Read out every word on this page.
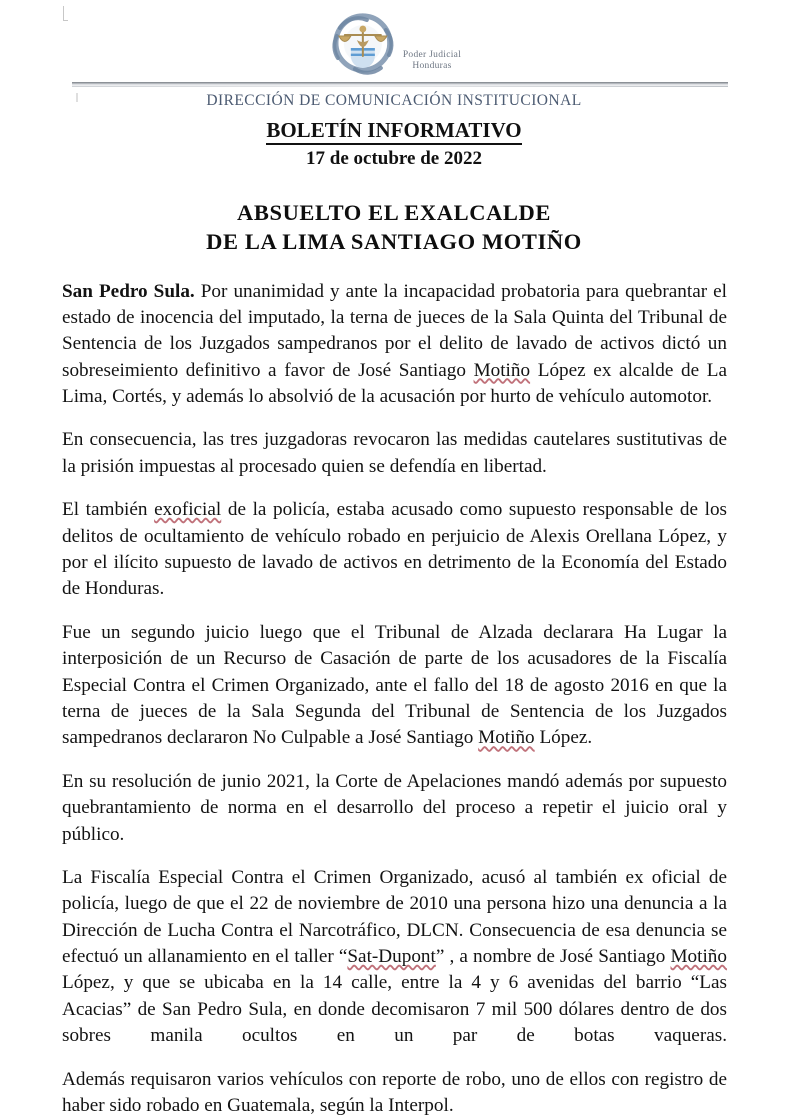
Poder Judicial
Honduras
DIRECCIÓN DE COMUNICACIÓN INSTITUCIONAL
BOLETÍN INFORMATIVO
17 de octubre de 2022
ABSUELTO EL EXALCALDE
DE LA LIMA SANTIAGO MOTIÑO

San Pedro Sula. Por unanimidad y ante la incapacidad probatoria para quebrantar el estado de inocencia del imputado, la terna de jueces de la Sala Quinta del Tribunal de Sentencia de los Juzgados sampedranos por el delito de lavado de activos dictó un sobreseimiento definitivo a favor de José Santiago Motiño López ex alcalde de La Lima, Cortés, y además lo absolvió de la acusación por hurto de vehículo automotor.

En consecuencia, las tres juzgadoras revocaron las medidas cautelares sustitutivas de la prisión impuestas al procesado quien se defendía en libertad.

El también exoficial de la policía, estaba acusado como supuesto responsable de los delitos de ocultamiento de vehículo robado en perjuicio de Alexis Orellana López, y por el ilícito supuesto de lavado de activos en detrimento de la Economía del Estado de Honduras.

Fue un segundo juicio luego que el Tribunal de Alzada declarara Ha Lugar la interposición de un Recurso de Casación de parte de los acusadores de la Fiscalía Especial Contra el Crimen Organizado, ante el fallo del 18 de agosto 2016 en que la terna de jueces de la Sala Segunda del Tribunal de Sentencia de los Juzgados sampedranos declararon No Culpable a José Santiago Motiño López.

En su resolución de junio 2021, la Corte de Apelaciones mandó además por supuesto quebrantamiento de norma en el desarrollo del proceso a repetir el juicio oral y público.

La Fiscalía Especial Contra el Crimen Organizado, acusó al también ex oficial de policía, luego de que el 22 de noviembre de 2010 una persona hizo una denuncia a la Dirección de Lucha Contra el Narcotráfico, DLCN. Consecuencia de esa denuncia se efectuó un allanamiento en el taller “Sat-Dupont” , a nombre de José Santiago Motiño López, y que se ubicaba en la 14 calle, entre la 4 y 6 avenidas del barrio “Las Acacias” de San Pedro Sula, en donde decomisaron 7 mil 500 dólares dentro de dos sobres manila ocultos en un par de botas vaqueras.

Además requisaron varios vehículos con reporte de robo, uno de ellos con registro de haber sido robado en Guatemala, según la Interpol.
